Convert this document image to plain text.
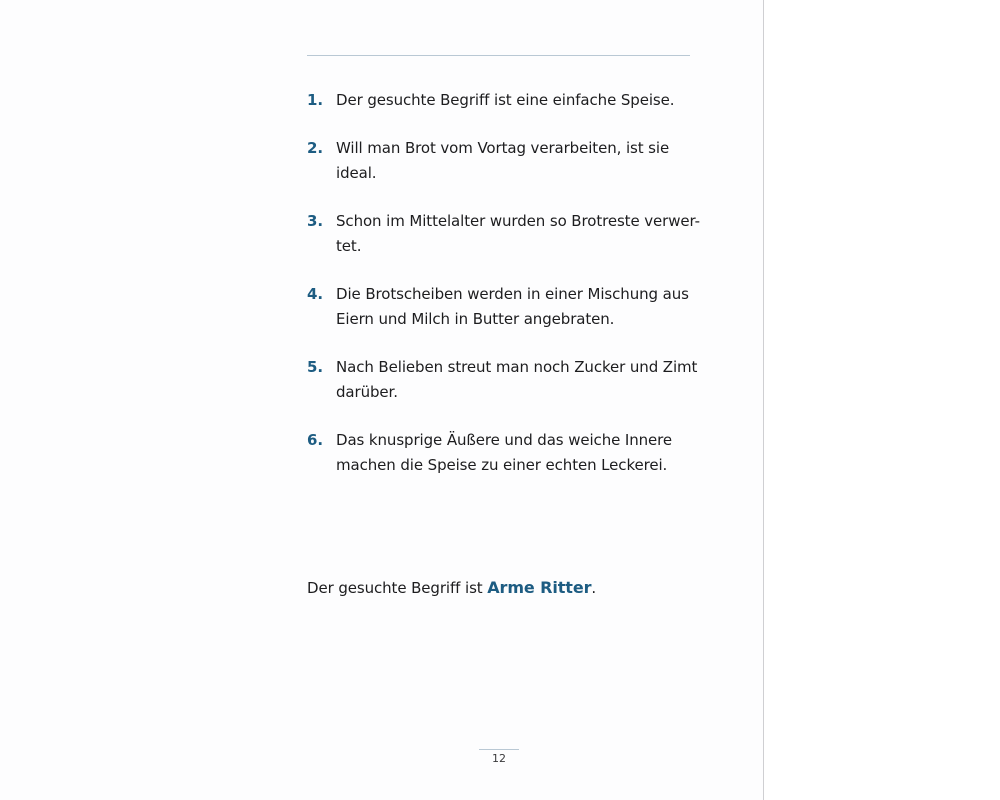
1. Der gesuchte Begriff ist eine einfache Speise.
2. Will man Brot vom Vortag verarbeiten, ist sie ideal.
3. Schon im Mittelalter wurden so Brotreste verwer-
tet.
4. Die Brotscheiben werden in einer Mischung aus
Eiern und Milch in Butter angebraten.
5. Nach Belieben streut man noch Zucker und Zimt
darüber.
6. Das knusprige Äußere und das weiche Innere
machen die Speise zu einer echten Leckerei.
Der gesuchte Begriff ist Arme Ritter.
12
